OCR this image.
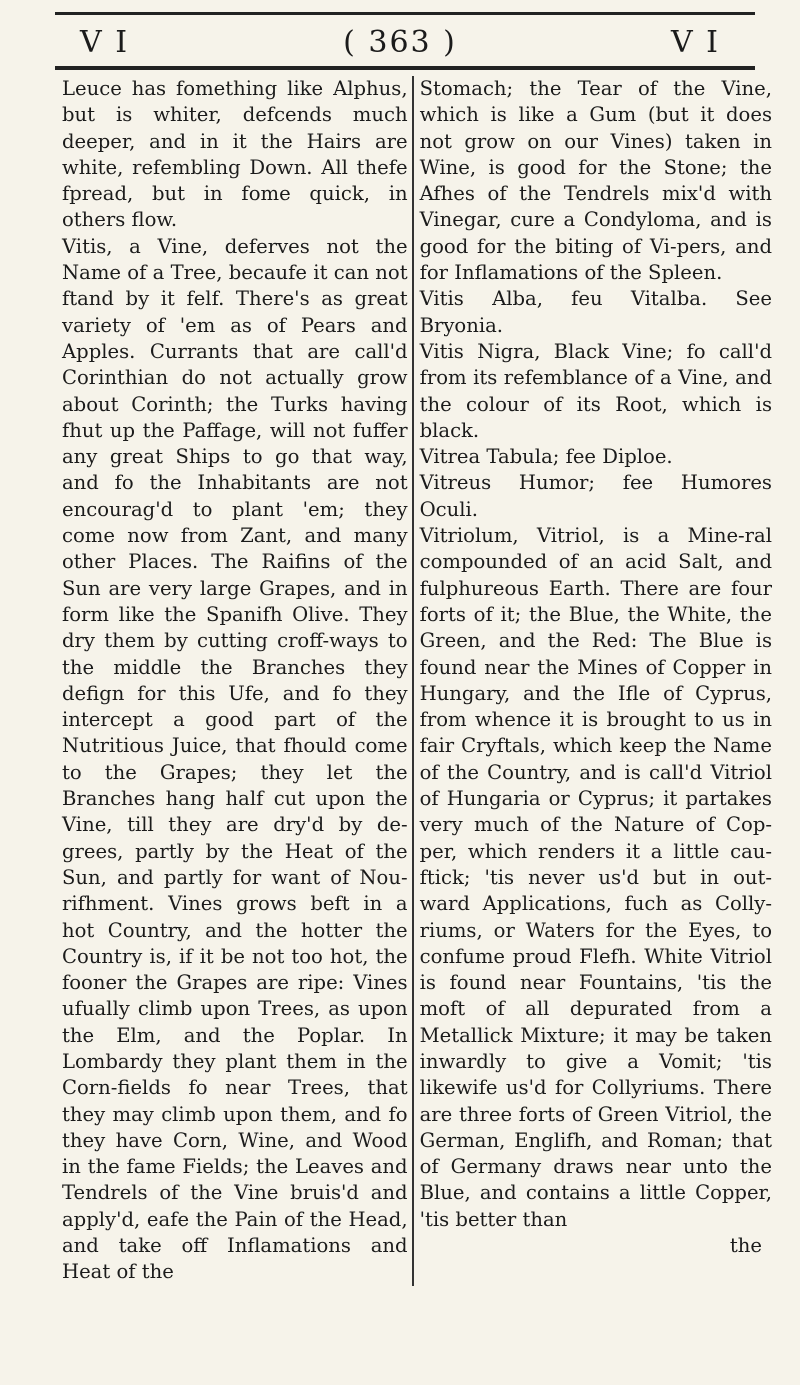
V I	( 363 )	V I

Leuce has fomething like Alphus, but is whiter, defcends much deeper, and in it the Hairs are white, refembling Down. All thefe fpread, but in fome quick, in others flow.

Vitis, a Vine, deferves not the Name of a Tree, becaufe it can not ftand by it felf. There's as great variety of 'em as of Pears and Apples. Currants that are call'd Corinthian do not actually grow about Corinth; the Turks having fhut up the Paffage, will not fuffer any great Ships to go that way, and fo the Inhabitants are not encourag'd to plant 'em; they come now from Zant, and many other Places. The Raifins of the Sun are very large Grapes, and in form like the Spanifh Olive. They dry them by cutting croff-ways to the middle the Branches they defign for this Ufe, and fo they intercept a good part of the Nutritious Juice, that fhould come to the Grapes; they let the Branches hang half cut upon the Vine, till they are dry'd by de-grees, partly by the Heat of the Sun, and partly for want of Nou-rifhment. Vines grows beft in a hot Country, and the hotter the Country is, if it be not too hot, the fooner the Grapes are ripe: Vines ufually climb upon Trees, as upon the Elm, and the Poplar. In Lombardy they plant them in the Corn-fields fo near Trees, that they may climb upon them, and fo they have Corn, Wine, and Wood in the fame Fields; the Leaves and Tendrels of the Vine bruis'd and apply'd, eafe the Pain of the Head, and take off Inflamations and Heat of the

Stomach; the Tear of the Vine, which is like a Gum (but it does not grow on our Vines) taken in Wine, is good for the Stone; the Afhes of the Tendrels mix'd with Vinegar, cure a Condyloma, and is good for the biting of Vi-pers, and for Inflamations of the Spleen.

Vitis Alba, feu Vitalba. See Bryonia.

Vitis Nigra, Black Vine; fo call'd from its refemblance of a Vine, and the colour of its Root, which is black.

Vitrea Tabula; fee Diploe.

Vitreus Humor; fee Humores Oculi.

Vitriolum, Vitriol, is a Mine-ral compounded of an acid Salt, and fulphureous Earth. There are four forts of it; the Blue, the White, the Green, and the Red: The Blue is found near the Mines of Copper in Hungary, and the Ifle of Cyprus, from whence it is brought to us in fair Cryftals, which keep the Name of the Country, and is call'd Vitriol of Hungaria or Cyprus; it partakes very much of the Nature of Cop-per, which renders it a little cau-ftick; 'tis never us'd but in out-ward Applications, fuch as Colly-riums, or Waters for the Eyes, to confume proud Flefh. White Vitriol is found near Fountains, 'tis the moft of all depurated from a Metallick Mixture; it may be taken inwardly to give a Vomit; 'tis likewife us'd for Collyriums. There are three forts of Green Vitriol, the German, Englifh, and Roman; that of Germany draws near unto the Blue, and contains a little Copper, 'tis better than

the
